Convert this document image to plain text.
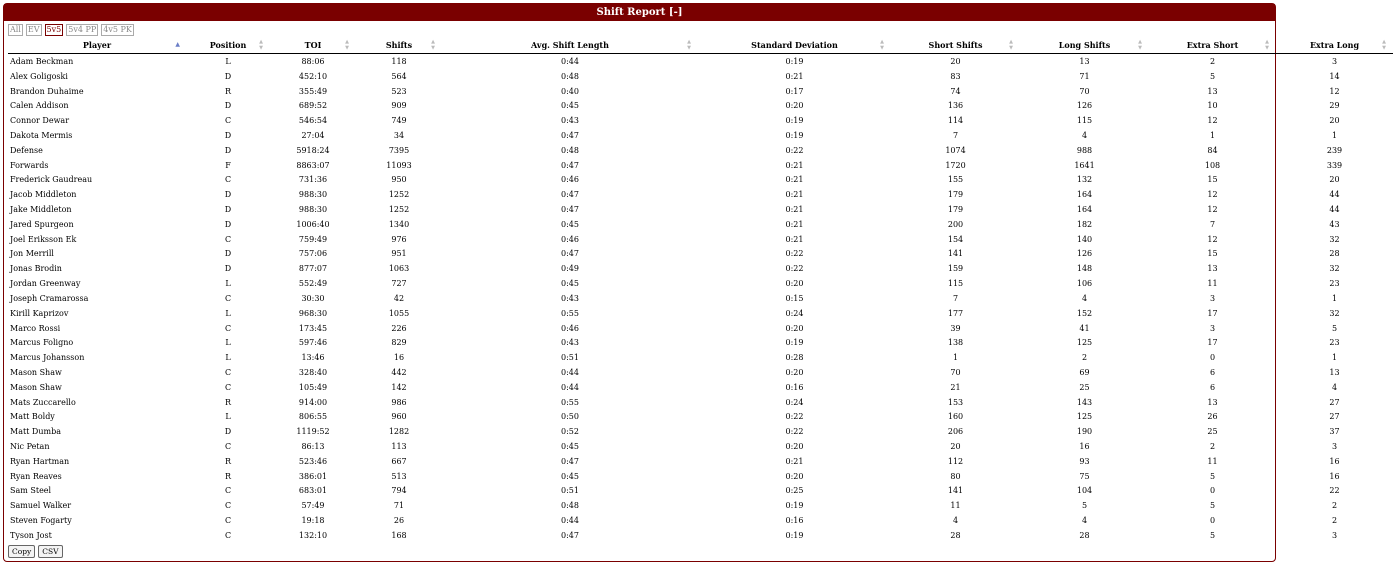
Shift Report [-]
All EV 5v5 5v4 PP 4v5 PK
Player ▲	Position ▲▼	TOI ▲▼	Shifts ▲▼	Avg. Shift Length ▲▼	Standard Deviation ▲▼	Short Shifts ▲▼	Long Shifts ▲▼	Extra Short ▲▼	Extra Long ▲▼

Adam Beckman	L	88:06	118	0:44	0:19	20	13	2	3
Alex Goligoski	D	452:10	564	0:48	0:21	83	71	5	14
Brandon Duhaime	R	355:49	523	0:40	0:17	74	70	13	12
Calen Addison	D	689:52	909	0:45	0:20	136	126	10	29
Connor Dewar	C	546:54	749	0:43	0:19	114	115	12	20
Dakota Mermis	D	27:04	34	0:47	0:19	7	4	1	1
Defense	D	5918:24	7395	0:48	0:22	1074	988	84	239
Forwards	F	8863:07	11093	0:47	0:21	1720	1641	108	339
Frederick Gaudreau	C	731:36	950	0:46	0:21	155	132	15	20
Jacob Middleton	D	988:30	1252	0:47	0:21	179	164	12	44
Jake Middleton	D	988:30	1252	0:47	0:21	179	164	12	44
Jared Spurgeon	D	1006:40	1340	0:45	0:21	200	182	7	43
Joel Eriksson Ek	C	759:49	976	0:46	0:21	154	140	12	32
Jon Merrill	D	757:06	951	0:47	0:22	141	126	15	28
Jonas Brodin	D	877:07	1063	0:49	0:22	159	148	13	32
Jordan Greenway	L	552:49	727	0:45	0:20	115	106	11	23
Joseph Cramarossa	C	30:30	42	0:43	0:15	7	4	3	1
Kirill Kaprizov	L	968:30	1055	0:55	0:24	177	152	17	32
Marco Rossi	C	173:45	226	0:46	0:20	39	41	3	5
Marcus Foligno	L	597:46	829	0:43	0:19	138	125	17	23
Marcus Johansson	L	13:46	16	0:51	0:28	1	2	0	1
Mason Shaw	C	328:40	442	0:44	0:20	70	69	6	13
Mason Shaw	C	105:49	142	0:44	0:16	21	25	6	4
Mats Zuccarello	R	914:00	986	0:55	0:24	153	143	13	27
Matt Boldy	L	806:55	960	0:50	0:22	160	125	26	27
Matt Dumba	D	1119:52	1282	0:52	0:22	206	190	25	37
Nic Petan	C	86:13	113	0:45	0:20	20	16	2	3
Ryan Hartman	R	523:46	667	0:47	0:21	112	93	11	16
Ryan Reaves	R	386:01	513	0:45	0:20	80	75	5	16
Sam Steel	C	683:01	794	0:51	0:25	141	104	0	22
Samuel Walker	C	57:49	71	0:48	0:19	11	5	5	2
Steven Fogarty	C	19:18	26	0:44	0:16	4	4	0	2
Tyson Jost	C	132:10	168	0:47	0:19	28	28	5	3
Copy	CSV
